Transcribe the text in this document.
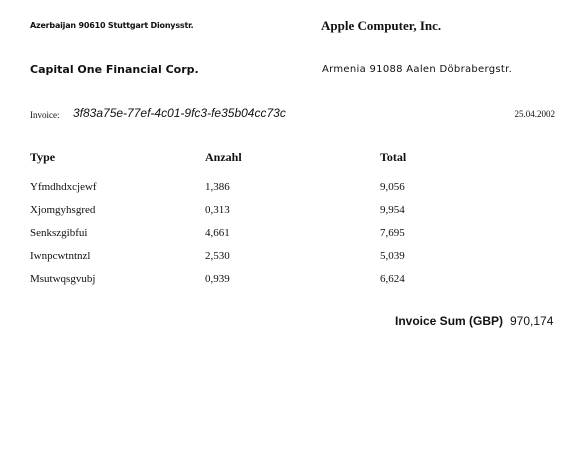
Azerbaijan 90610 Stuttgart Dionysstr.	Apple Computer, Inc.
Capital One Financial Corp.	Armenia 91088 Aalen Döbrabergstr.
Invoice: 3f83a75e-77ef-4c01-9fc3-fe35b04cc73c	25.04.2002
Type	Anzahl	Total
Yfmdhdxcjewf	1,386	9,056
Xjomgyhsgred	0,313	9,954
Senkszgibfui	4,661	7,695
Iwnpcwtntnzl	2,530	5,039
Msutwqsgvubj	0,939	6,624
Invoice Sum (GBP) 970,174
